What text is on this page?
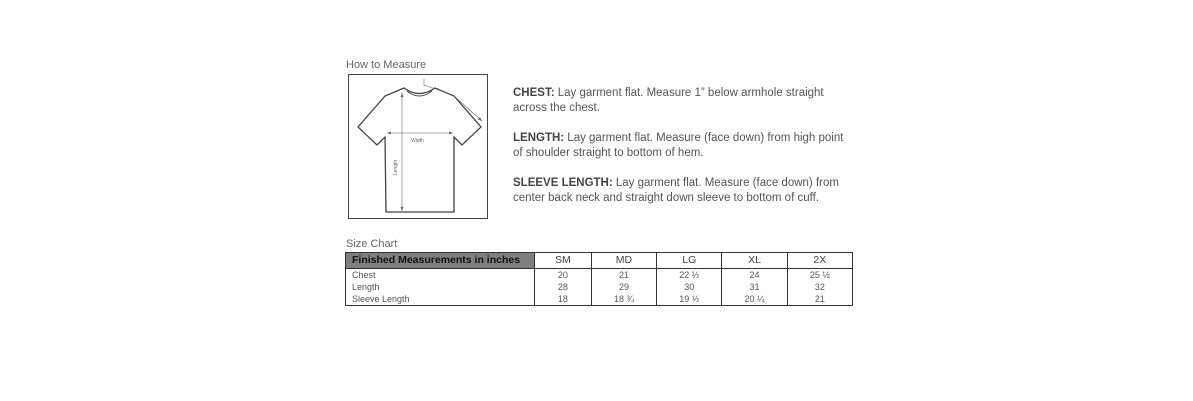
How to Measure
Width
Length

CHEST: Lay garment flat. Measure 1” below armhole straight across the chest.

LENGTH: Lay garment flat. Measure (face down) from high point of shoulder straight to bottom of hem.

SLEEVE LENGTH: Lay garment flat. Measure (face down) from center back neck and straight down sleeve to bottom of cuff.

Size Chart
Finished Measurements in inches	SM	MD	LG	XL	2X
Chest	20	21	22 ½	24	25 ½
Length	28	29	30	31	32
Sleeve Length	18	18 ¾	19 ½	20 ¼	21
